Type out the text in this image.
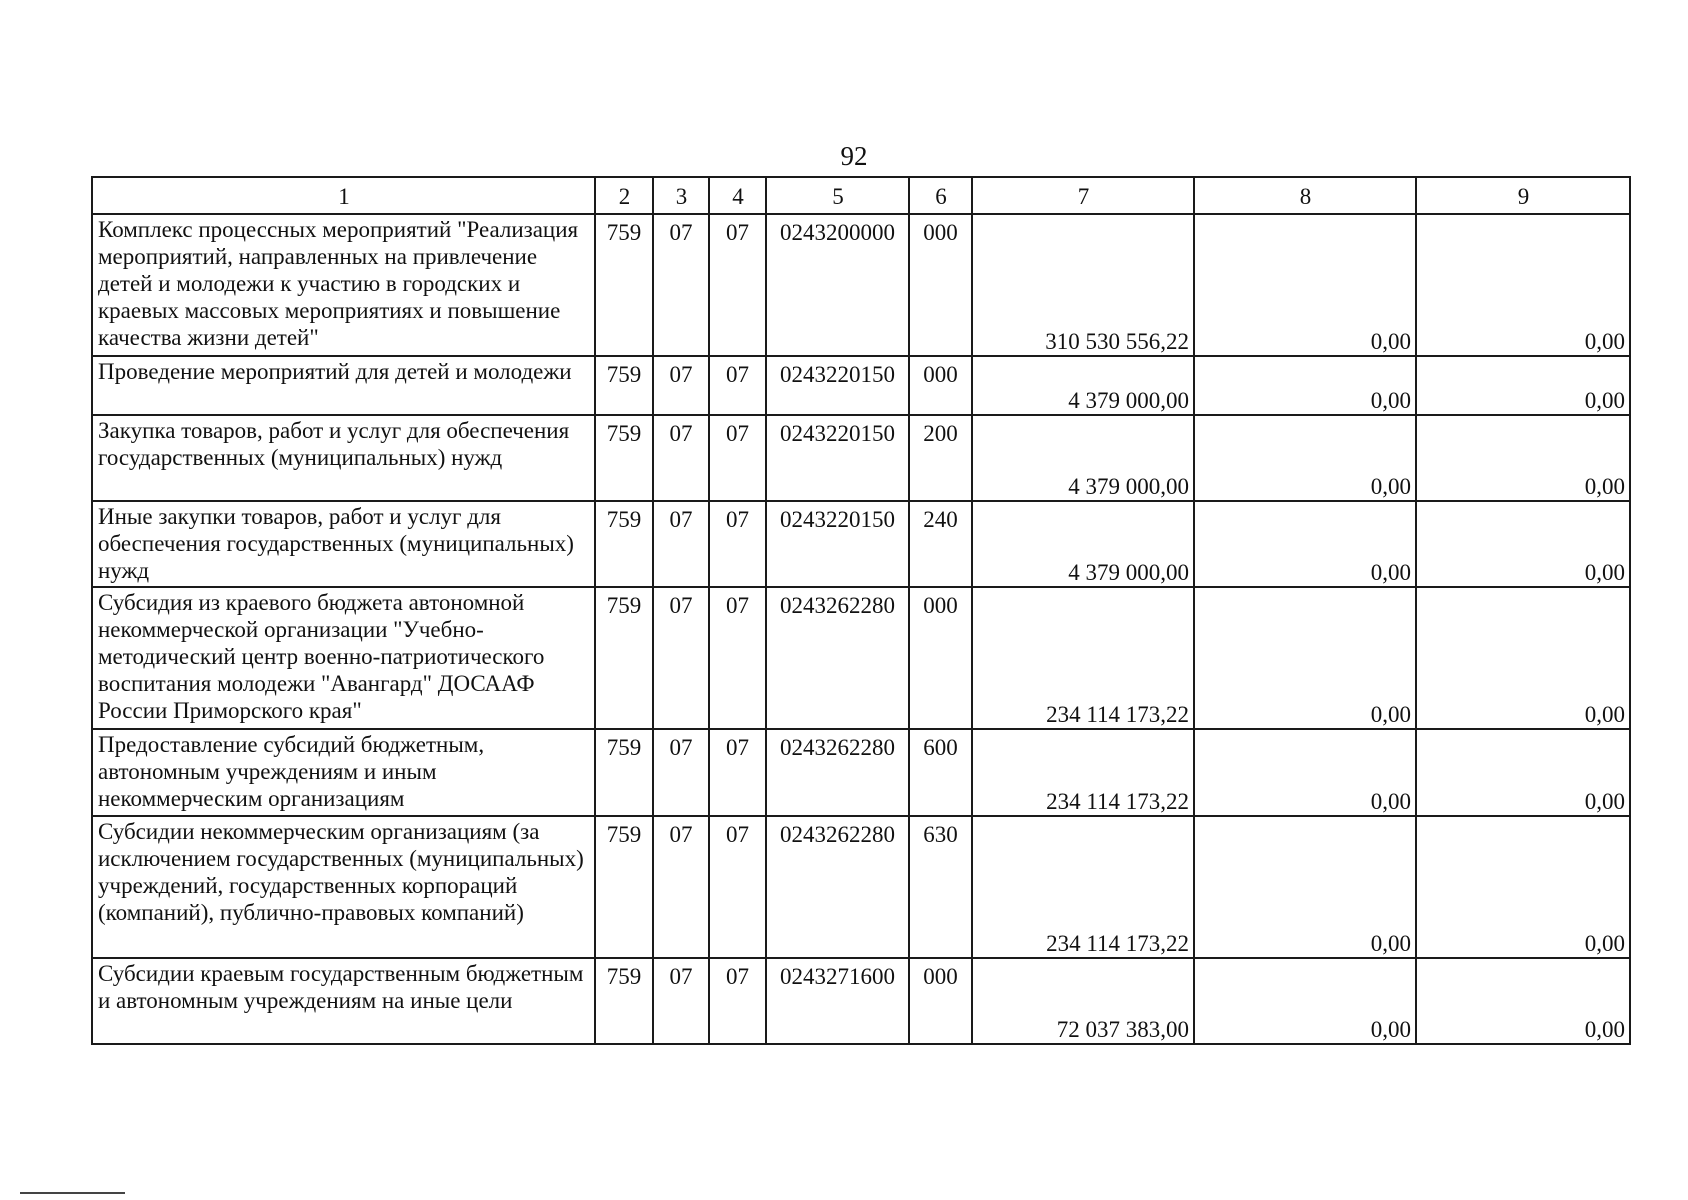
92
1	2	3	4	5	6	7	8	9
Комплекс процессных мероприятий "Реализация мероприятий, направленных на привлечение детей и молодежи к участию в городских и краевых массовых мероприятиях и повышение качества жизни детей"	759	07	07	0243200000	000	310 530 556,22	0,00	0,00
Проведение мероприятий для детей и молодежи	759	07	07	0243220150	000	4 379 000,00	0,00	0,00
Закупка товаров, работ и услуг для обеспечения государственных (муниципальных) нужд	759	07	07	0243220150	200	4 379 000,00	0,00	0,00
Иные закупки товаров, работ и услуг для обеспечения государственных (муниципальных) нужд	759	07	07	0243220150	240	4 379 000,00	0,00	0,00
Субсидия из краевого бюджета автономной некоммерческой организации "Учебно-методический центр военно-патриотического воспитания молодежи "Авангард" ДОСААФ России Приморского края"	759	07	07	0243262280	000	234 114 173,22	0,00	0,00
Предоставление субсидий бюджетным, автономным учреждениям и иным некоммерческим организациям	759	07	07	0243262280	600	234 114 173,22	0,00	0,00
Субсидии некоммерческим организациям (за исключением государственных (муниципальных) учреждений, государственных корпораций (компаний), публично-правовых компаний)	759	07	07	0243262280	630	234 114 173,22	0,00	0,00
Субсидии краевым государственным бюджетным и автономным учреждениям на иные цели	759	07	07	0243271600	000	72 037 383,00	0,00	0,00
